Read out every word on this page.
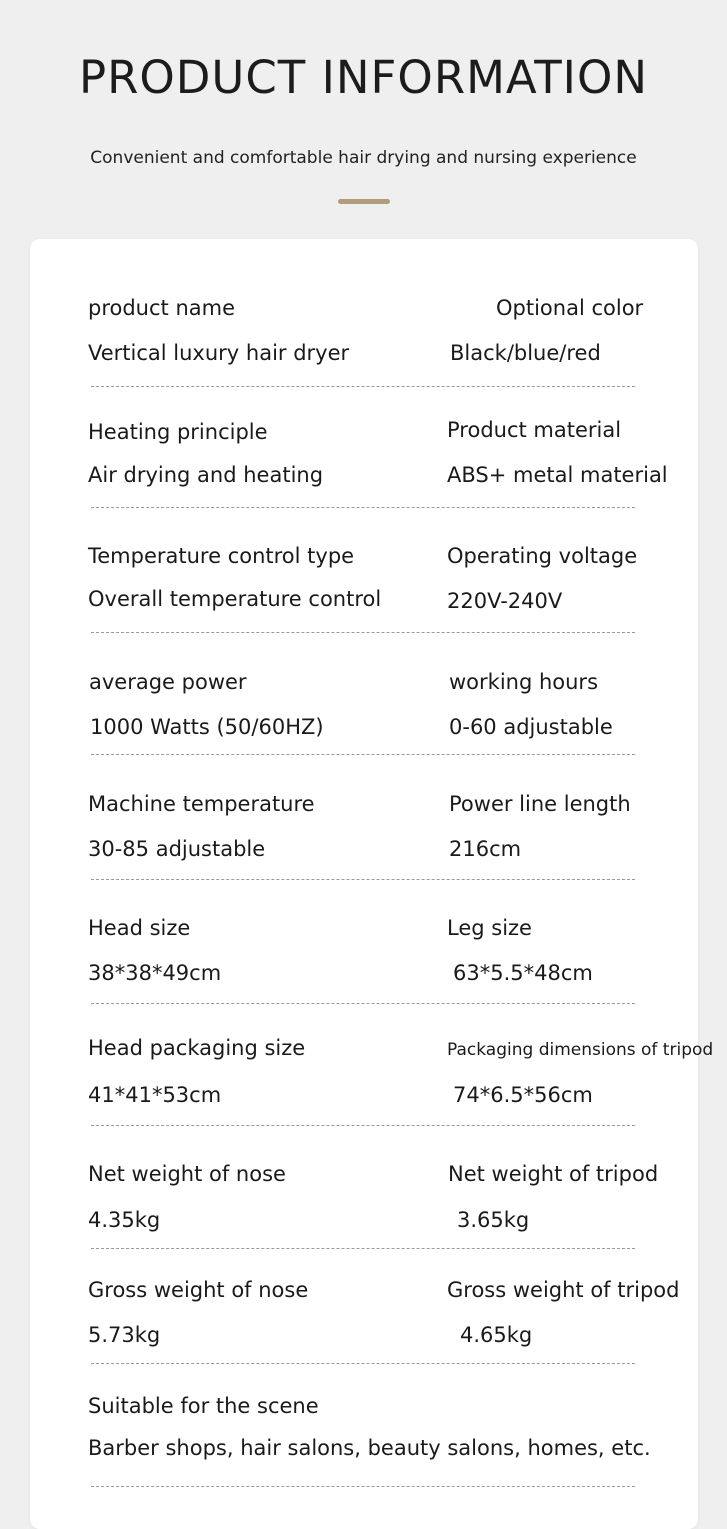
PRODUCT INFORMATION
Convenient and comfortable hair drying and nursing experience
product name	Optional color
Vertical luxury hair dryer	Black/blue/red
Heating principle	Product material
Air drying and heating	ABS+ metal material
Temperature control type	Operating voltage
Overall temperature control	220V-240V
average power	working hours
1000 Watts (50/60HZ)	0-60 adjustable
Machine temperature	Power line length
30-85 adjustable	216cm
Head size	Leg size
38*38*49cm	63*5.5*48cm
Head packaging size	Packaging dimensions of tripod
41*41*53cm	74*6.5*56cm
Net weight of nose	Net weight of tripod
4.35kg	3.65kg
Gross weight of nose	Gross weight of tripod
5.73kg	4.65kg
Suitable for the scene
Barber shops, hair salons, beauty salons, homes, etc.
